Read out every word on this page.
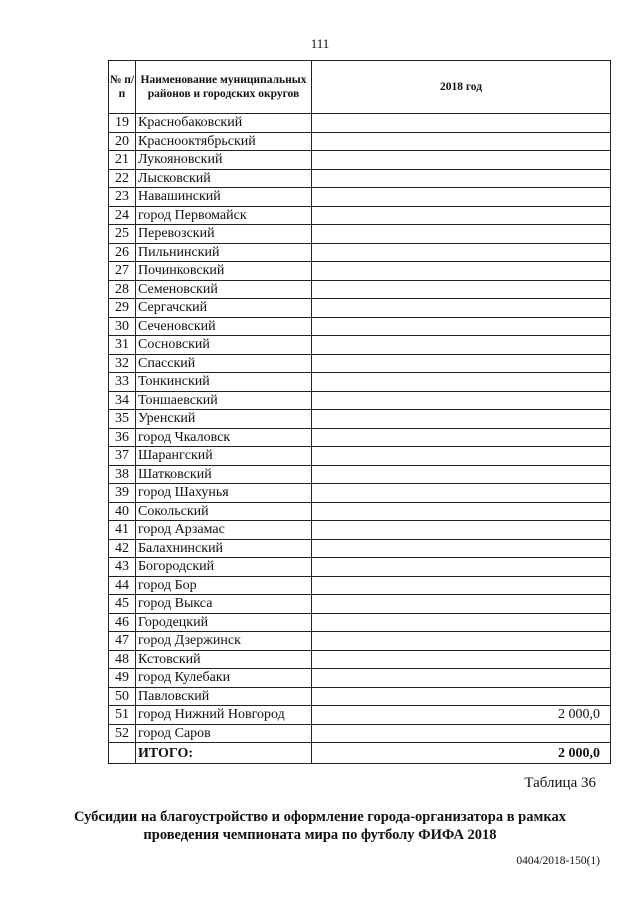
111
№ п/п	Наименование муниципальных районов и городских округов	2018 год
19	Краснобаковский	
20	Краснооктябрьский	
21	Лукояновский	
22	Лысковский	
23	Навашинский	
24	город Первомайск	
25	Перевозский	
26	Пильнинский	
27	Починковский	
28	Семеновский	
29	Сергачский	
30	Сеченовский	
31	Сосновский	
32	Спасский	
33	Тонкинский	
34	Тоншаевский	
35	Уренский	
36	город Чкаловск	
37	Шарангский	
38	Шатковский	
39	город Шахунья	
40	Сокольский	
41	город Арзамас	
42	Балахнинский	
43	Богородский	
44	город Бор	
45	город Выкса	
46	Городецкий	
47	город Дзержинск	
48	Кстовский	
49	город Кулебаки	
50	Павловский	
51	город Нижний Новгород	2 000,0
52	город Саров	
	ИТОГО:	2 000,0
Таблица 36
Субсидии на благоустройство и оформление города-организатора в рамках проведения чемпионата мира по футболу ФИФА 2018
0404/2018-150(1)
